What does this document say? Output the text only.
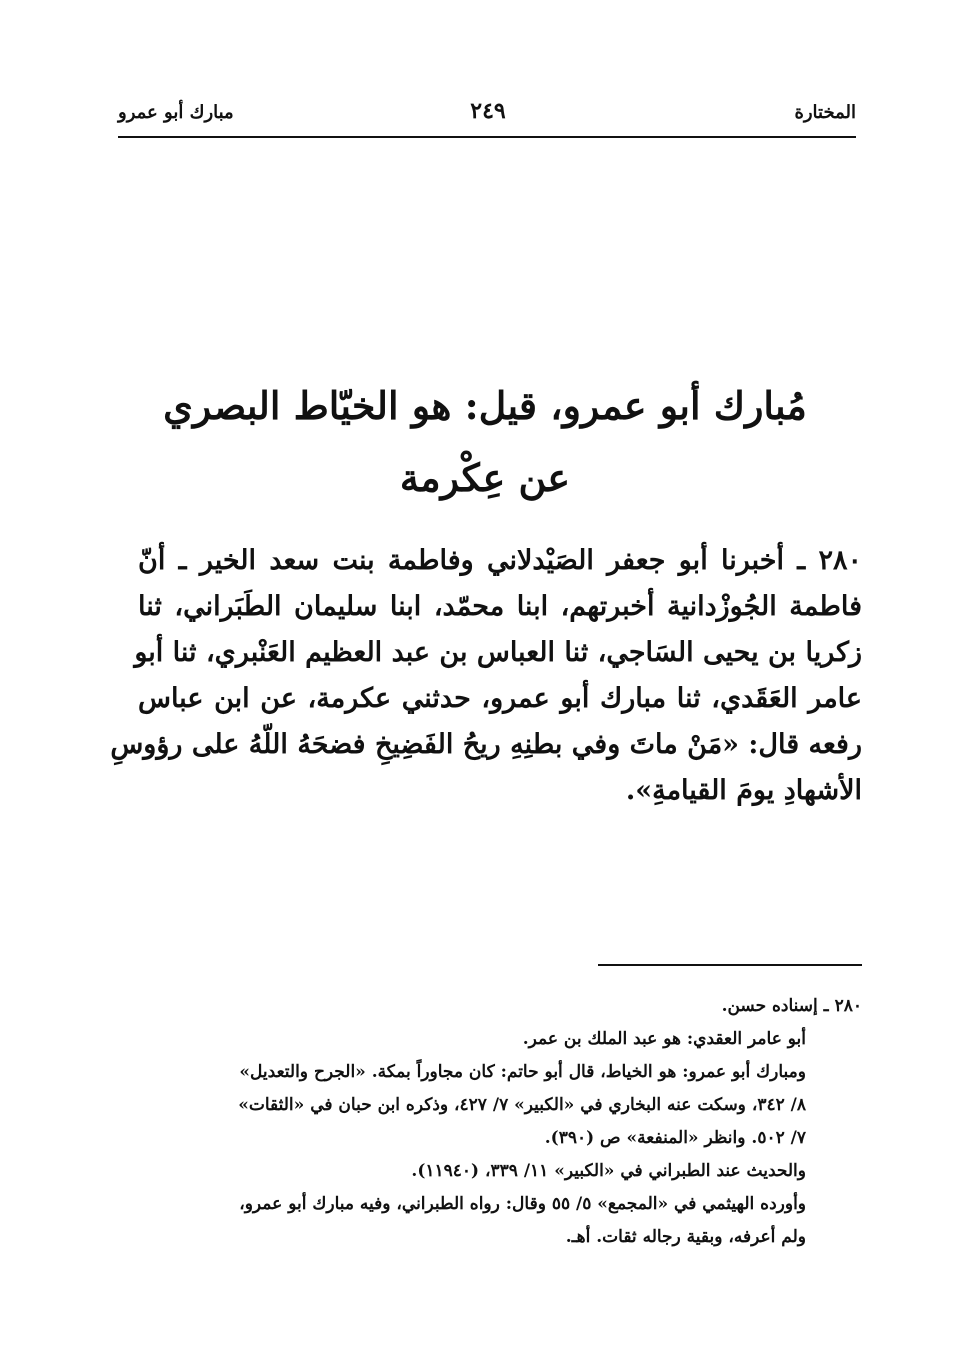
المختارة
٢٤٩
مبارك أبو عمرو
مُبارك أبو عمرو، قيل: هو الخيّاط البصري
عن عِكْرمة
٢٨٠ ـ أخبرنا أبو جعفر الصَيْدلاني وفاطمة بنت سعد الخير ـ أنّ
فاطمة الجُوزْدانية أخبرتهم، ابنا محمّد، ابنا سليمان الطَبَراني، ثنا
زكريا بن يحيى السَاجي، ثنا العباس بن عبد العظيم العَنْبري، ثنا أبو
عامر العَقَدي، ثنا مبارك أبو عمرو، حدثني عكرمة، عن ابن عباس
رفعه قال: «مَنْ ماتَ وفي بطنِهِ ريحُ الفَضِيخِ فضحَهُ اللّهُ على رؤوسِ
الأشهادِ يومَ القيامةِ».
٢٨٠ ـ إسناده حسن.
أبو عامر العقدي: هو عبد الملك بن عمر.
ومبارك أبو عمرو: هو الخياط، قال أبو حاتم: كان مجاوراً بمكة. «الجرح والتعديل»
٨/ ٣٤٢، وسكت عنه البخاري في «الكبير» ٧/ ٤٢٧، وذكره ابن حبان في «الثقات»
٧/ ٥٠٢. وانظر «المنفعة» ص (٣٩٠).
والحديث عند الطبراني في «الكبير» ١١/ ٣٣٩، (١١٩٤٠).
وأورده الهيثمي في «المجمع» ٥/ ٥٥ وقال: رواه الطبراني، وفيه مبارك أبو عمرو،
ولم أعرفه، وبقية رجاله ثقات. أهـ.
